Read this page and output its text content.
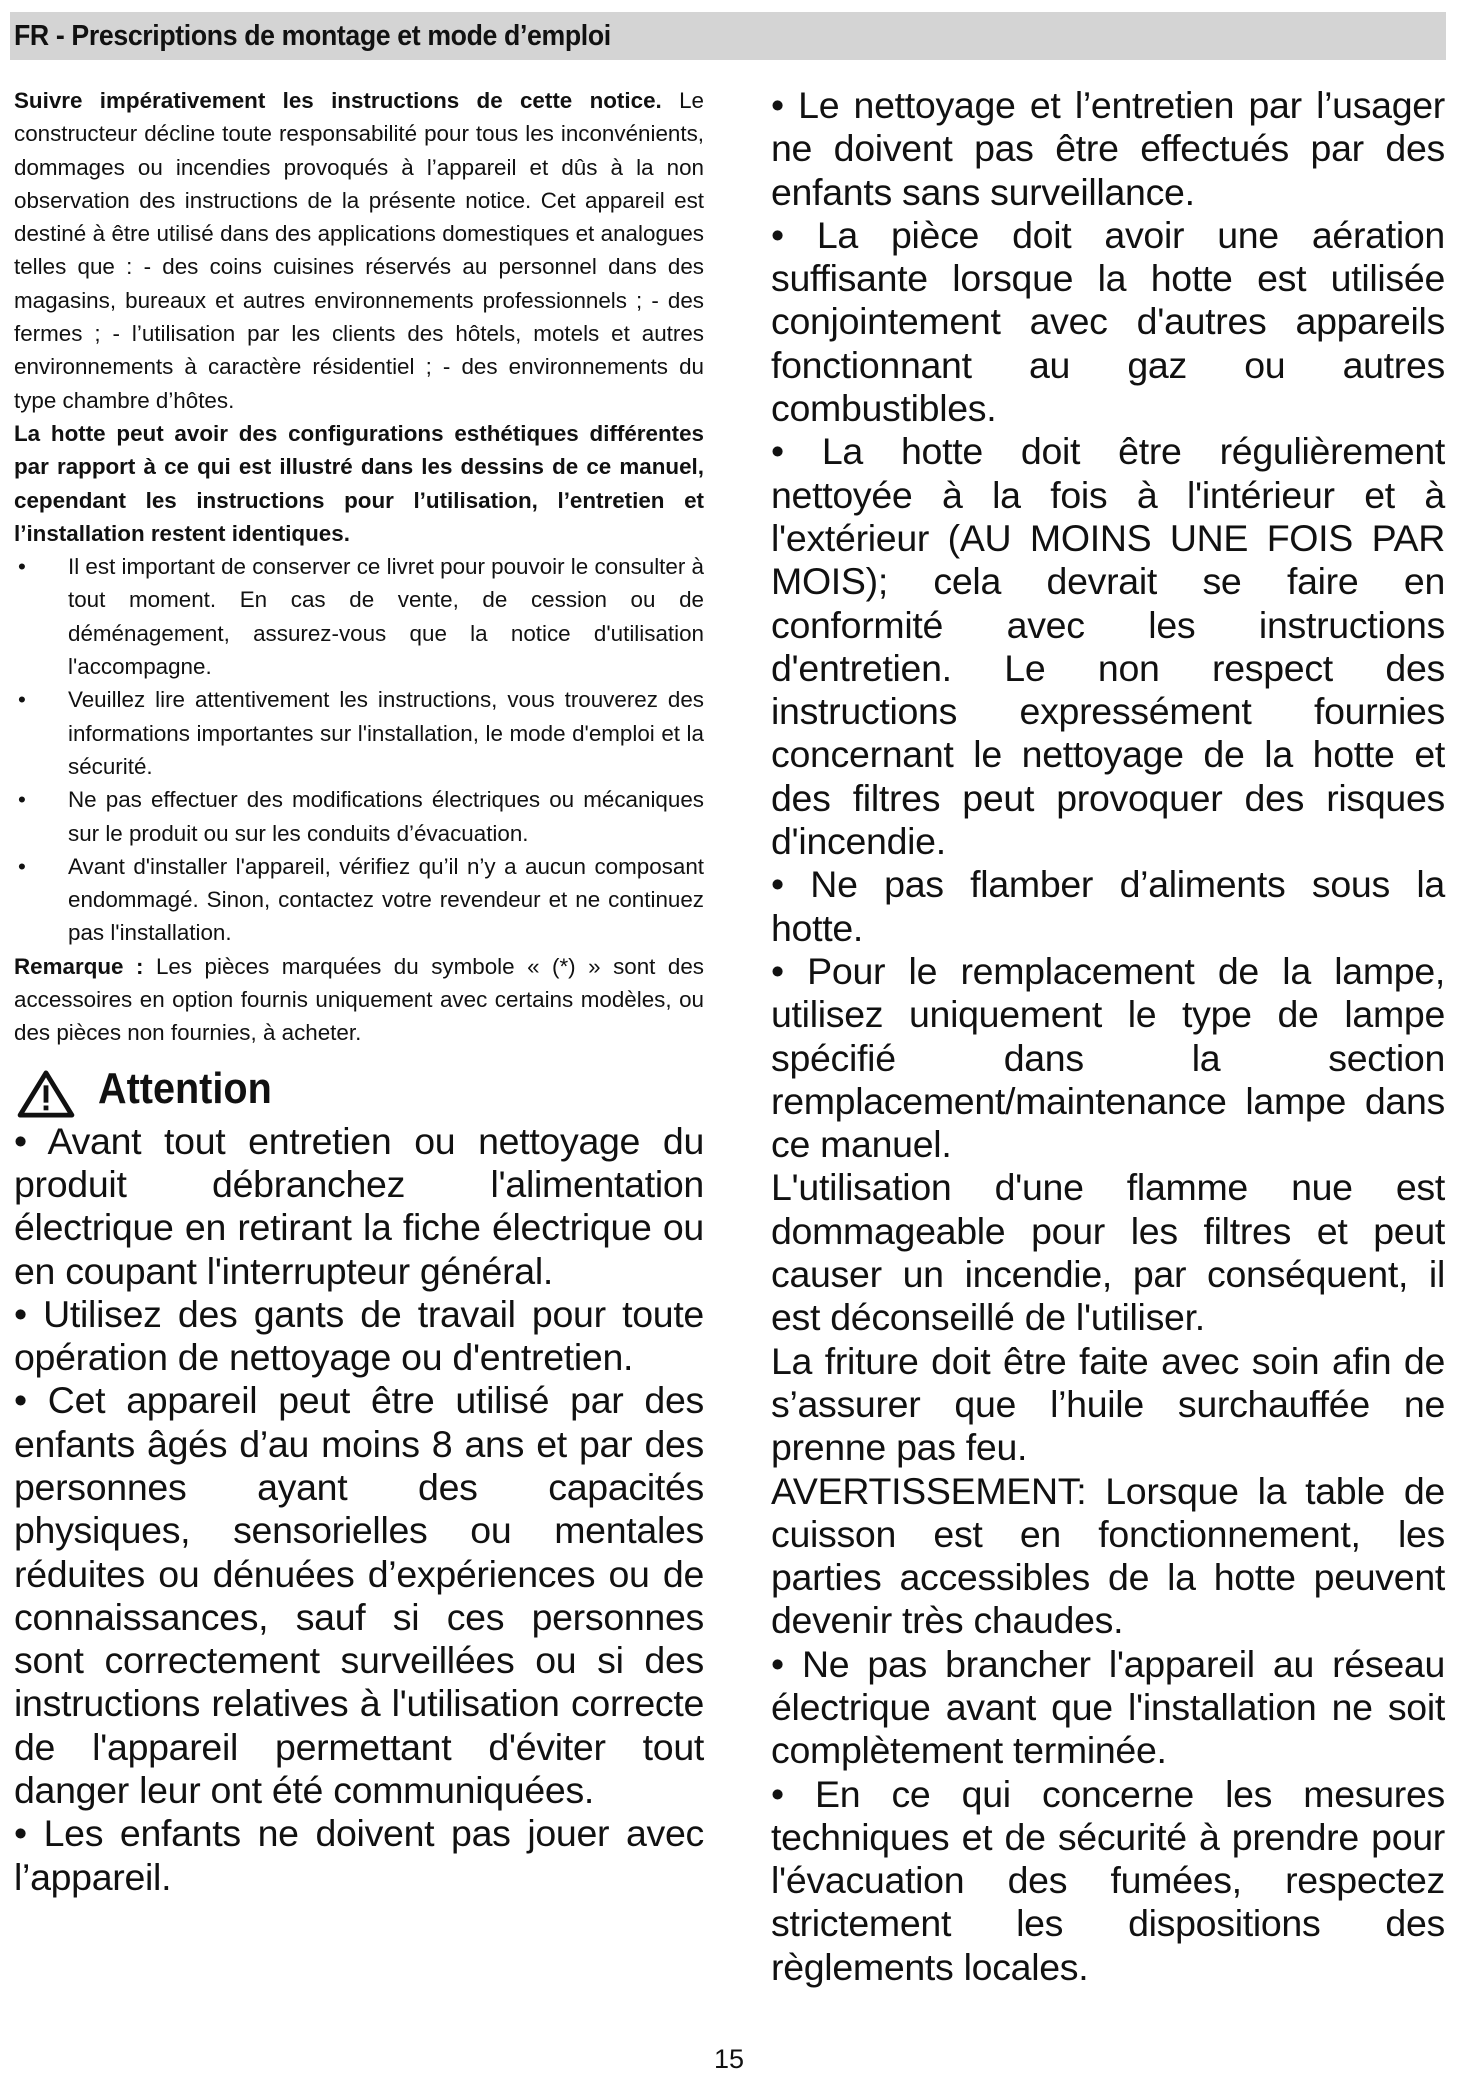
FR - Prescriptions de montage et mode d’emploi

Suivre impérativement les instructions de cette notice. Le constructeur décline toute responsabilité pour tous les inconvénients, dommages ou incendies provoqués à l’appareil et dûs à la non observation des instructions de la présente notice. Cet appareil est destiné à être utilisé dans des applications domestiques et analogues telles que : - des coins cuisines réservés au personnel dans des magasins, bureaux et autres environnements professionnels ; - des fermes ; - l’utilisation par les clients des hôtels, motels et autres environnements à caractère résidentiel ; - des environnements du type chambre d’hôtes.

La hotte peut avoir des configurations esthétiques différentes par rapport à ce qui est illustré dans les dessins de ce manuel, cependant les instructions pour l’utilisation, l’entretien et l’installation restent identiques.

• Il est important de conserver ce livret pour pouvoir le consulter à tout moment. En cas de vente, de cession ou de déménagement, assurez-vous que la notice d'utilisation l'accompagne.
• Veuillez lire attentivement les instructions, vous trouverez des informations importantes sur l'installation, le mode d'emploi et la sécurité.
• Ne pas effectuer des modifications électriques ou mécaniques sur le produit ou sur les conduits d’évacuation.
• Avant d'installer l'appareil, vérifiez qu’il n’y a aucun composant endommagé. Sinon, contactez votre revendeur et ne continuez pas l'installation.

Remarque : Les pièces marquées du symbole « (*) » sont des accessoires en option fournis uniquement avec certains modèles, ou des pièces non fournies, à acheter.

Attention

• Avant tout entretien ou nettoyage du produit débranchez l'alimentation électrique en retirant la fiche électrique ou en coupant l'interrupteur général.

• Utilisez des gants de travail pour toute opération de nettoyage ou d'entretien.

• Cet appareil peut être utilisé par des enfants âgés d’au moins 8 ans et par des personnes ayant des capacités physiques, sensorielles ou mentales réduites ou dénuées d’expériences ou de connaissances, sauf si ces personnes sont correctement surveillées ou si des instructions relatives à l'utilisation correcte de l'appareil permettant d'éviter tout danger leur ont été communiquées.

• Les enfants ne doivent pas jouer avec l’appareil.

• Le nettoyage et l’entretien par l’usager ne doivent pas être effectués par des enfants sans surveillance.

• La pièce doit avoir une aération suffisante lorsque la hotte est utilisée conjointement avec d'autres appareils fonctionnant au gaz ou autres combustibles.

• La hotte doit être régulièrement nettoyée à la fois à l'intérieur et à l'extérieur (AU MOINS UNE FOIS PAR MOIS); cela devrait se faire en conformité avec les instructions d'entretien. Le non respect des instructions expressément fournies concernant le nettoyage de la hotte et des filtres peut provoquer des risques d'incendie.

• Ne pas flamber d’aliments sous la hotte.

• Pour le remplacement de la lampe, utilisez uniquement le type de lampe spécifié dans la section remplacement/maintenance lampe dans ce manuel.

L'utilisation d'une flamme nue est dommageable pour les filtres et peut causer un incendie, par conséquent, il est déconseillé de l'utiliser.

La friture doit être faite avec soin afin de s’assurer que l’huile surchauffée ne prenne pas feu.

AVERTISSEMENT: Lorsque la table de cuisson est en fonctionnement, les parties accessibles de la hotte peuvent devenir très chaudes.

• Ne pas brancher l'appareil au réseau électrique avant que l'installation ne soit complètement terminée.

• En ce qui concerne les mesures techniques et de sécurité à prendre pour l'évacuation des fumées, respectez strictement les dispositions des règlements locales.

15
